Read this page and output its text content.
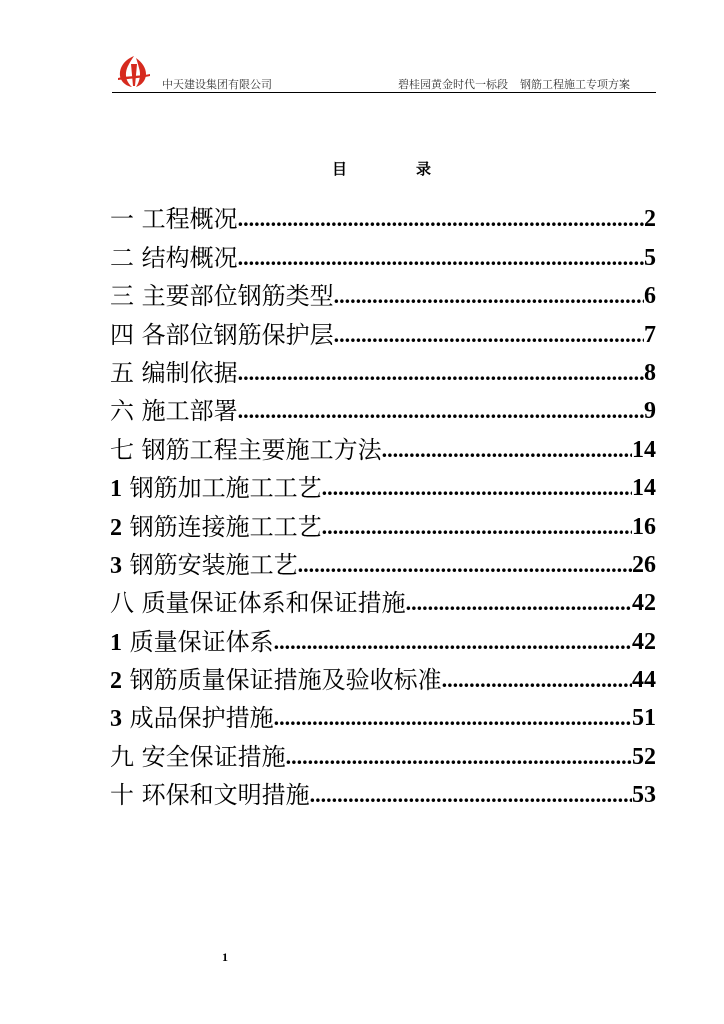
中天建设集团有限公司	碧桂园黄金时代一标段 钢筋工程施工专项方案
目	录
一 工程概况 .....	2
二 结构概况 .....	5
三 主要部位钢筋类型 .....	6
四 各部位钢筋保护层 .....	7
五 编制依据 .....	8
六 施工部署 .....	9
七 钢筋工程主要施工方法 .....	14
1 钢筋加工施工工艺 .....	14
2 钢筋连接施工工艺 .....	16
3 钢筋安装施工艺 .....	26
八 质量保证体系和保证措施 .....	42
1 质量保证体系 .....	42
2 钢筋质量保证措施及验收标准 .....	44
3 成品保护措施 .....	51
九 安全保证措施 .....	52
十 环保和文明措施 .....	53
1
